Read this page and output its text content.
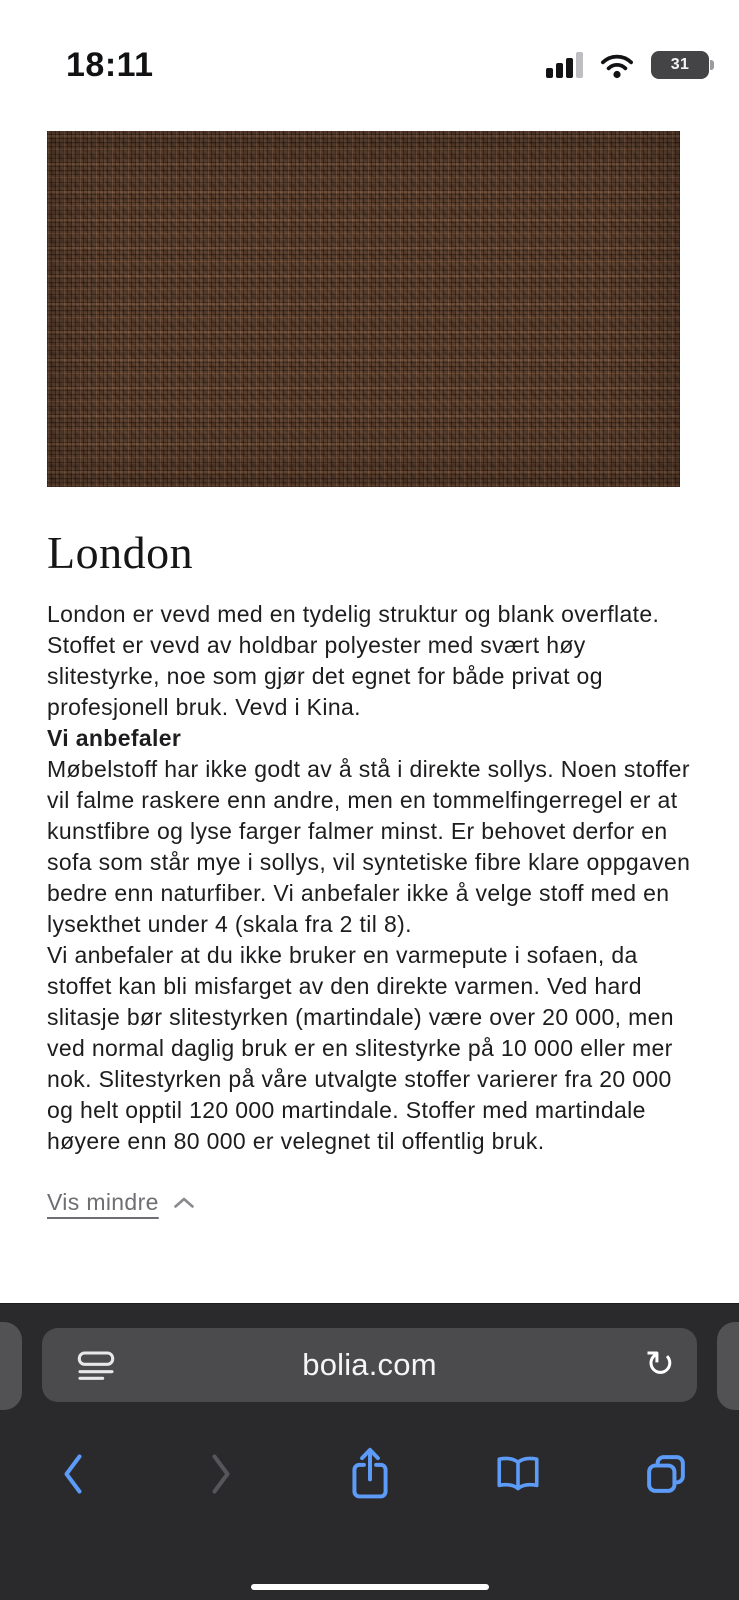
18:11	31
London

London er vevd med en tydelig struktur og blank overflate. Stoffet er vevd av holdbar polyester med svært høy slitestyrke, noe som gjør det egnet for både privat og profesjonell bruk. Vevd i Kina.

Vi anbefaler

Møbelstoff har ikke godt av å stå i direkte sollys. Noen stoffer vil falme raskere enn andre, men en tommelfingerregel er at kunstfibre og lyse farger falmer minst. Er behovet derfor en sofa som står mye i sollys, vil syntetiske fibre klare oppgaven bedre enn naturfiber. Vi anbefaler ikke å velge stoff med en lysekthet under 4 (skala fra 2 til 8).

Vi anbefaler at du ikke bruker en varmepute i sofaen, da stoffet kan bli misfarget av den direkte varmen. Ved hard slitasje bør slitestyrken (martindale) være over 20 000, men ved normal daglig bruk er en slitestyrke på 10 000 eller mer nok. Slitestyrken på våre utvalgte stoffer varierer fra 20 000 og helt opptil 120 000 martindale. Stoffer med martindale høyere enn 80 000 er velegnet til offentlig bruk.

Vis mindre
bolia.com	↻
